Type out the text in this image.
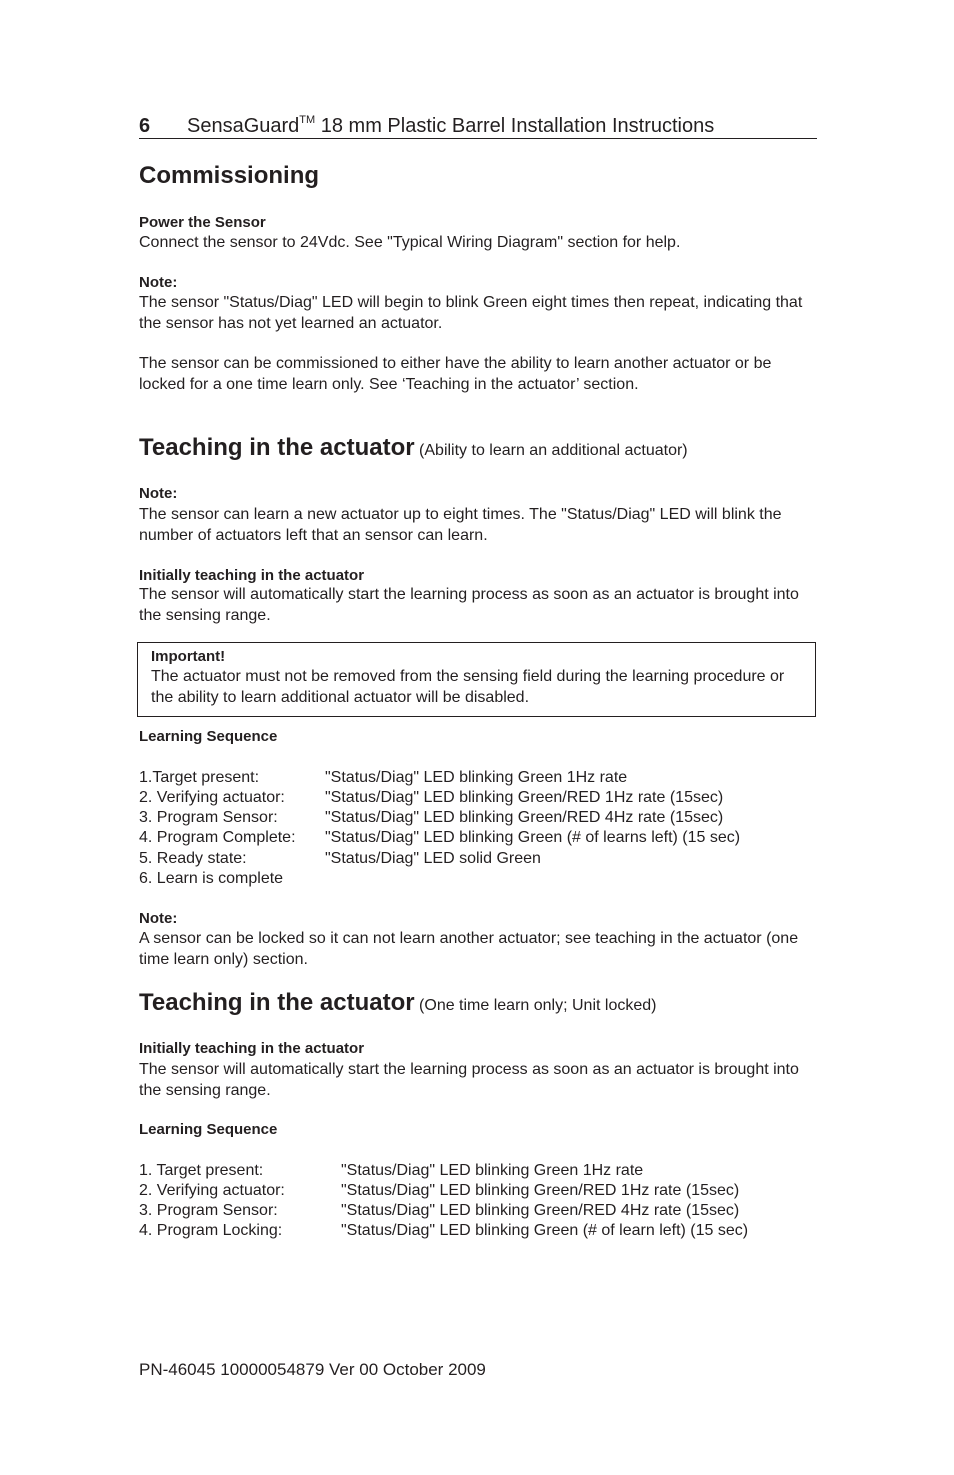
6 SensaGuard™ 18 mm Plastic Barrel Installation Instructions
Commissioning
Power the Sensor
Connect the sensor to 24Vdc. See "Typical Wiring Diagram" section for help.
Note:
The sensor "Status/Diag" LED will begin to blink Green eight times then repeat, indicating that the sensor has not yet learned an actuator.
The sensor can be commissioned to either have the ability to learn another actuator or be locked for a one time learn only. See ‘Teaching in the actuator’ section.
Teaching in the actuator (Ability to learn an additional actuator)
Note:
The sensor can learn a new actuator up to eight times. The "Status/Diag" LED will blink the number of actuators left that an sensor can learn.
Initially teaching in the actuator
The sensor will automatically start the learning process as soon as an actuator is brought into the sensing range.
Important!
The actuator must not be removed from the sensing field during the learning procedure or the ability to learn additional actuator will be disabled.
Learning Sequence
1.Target present:	"Status/Diag" LED blinking Green 1Hz rate
2. Verifying actuator:	"Status/Diag" LED blinking Green/RED 1Hz rate (15sec)
3. Program Sensor:	"Status/Diag" LED blinking Green/RED 4Hz rate (15sec)
4. Program Complete: "Status/Diag" LED blinking Green (# of learns left) (15 sec)
5. Ready state:	"Status/Diag" LED solid Green
6. Learn is complete
Note:
A sensor can be locked so it can not learn another actuator; see teaching in the actuator (one time learn only) section.
Teaching in the actuator (One time learn only; Unit locked)
Initially teaching in the actuator
The sensor will automatically start the learning process as soon as an actuator is brought into the sensing range.
Learning Sequence
1. Target present:	"Status/Diag" LED blinking Green 1Hz rate
2. Verifying actuator:	"Status/Diag" LED blinking Green/RED 1Hz rate (15sec)
3. Program Sensor:	"Status/Diag" LED blinking Green/RED 4Hz rate (15sec)
4. Program Locking:	"Status/Diag" LED blinking Green (# of learn left) (15 sec)
PN-46045 10000054879 Ver 00 October 2009
